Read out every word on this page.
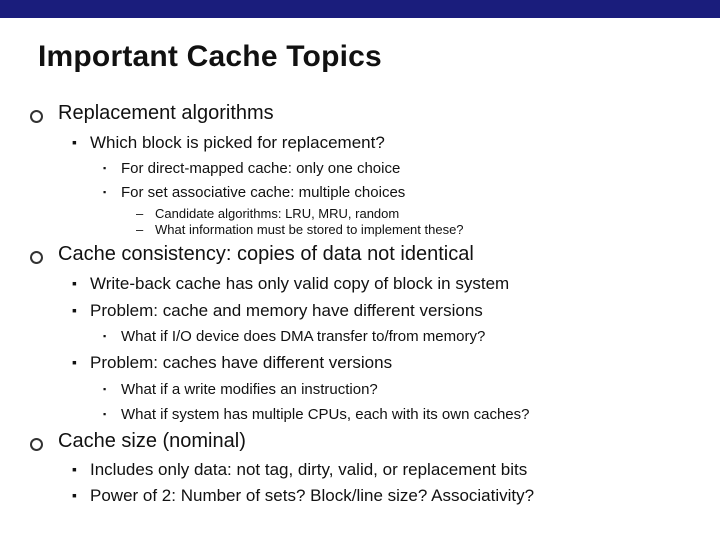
Important Cache Topics
Replacement algorithms
▪ Which block is picked for replacement?
▪ For direct-mapped cache: only one choice
▪ For set associative cache: multiple choices
– Candidate algorithms: LRU, MRU, random
– What information must be stored to implement these?
Cache consistency: copies of data not identical
▪ Write-back cache has only valid copy of block in system
▪ Problem: cache and memory have different versions
▪ What if I/O device does DMA transfer to/from memory?
▪ Problem: caches have different versions
▪ What if a write modifies an instruction?
▪ What if system has multiple CPUs, each with its own caches?
Cache size (nominal)
▪ Includes only data: not tag, dirty, valid, or replacement bits
▪ Power of 2: Number of sets? Block/line size? Associativity?
